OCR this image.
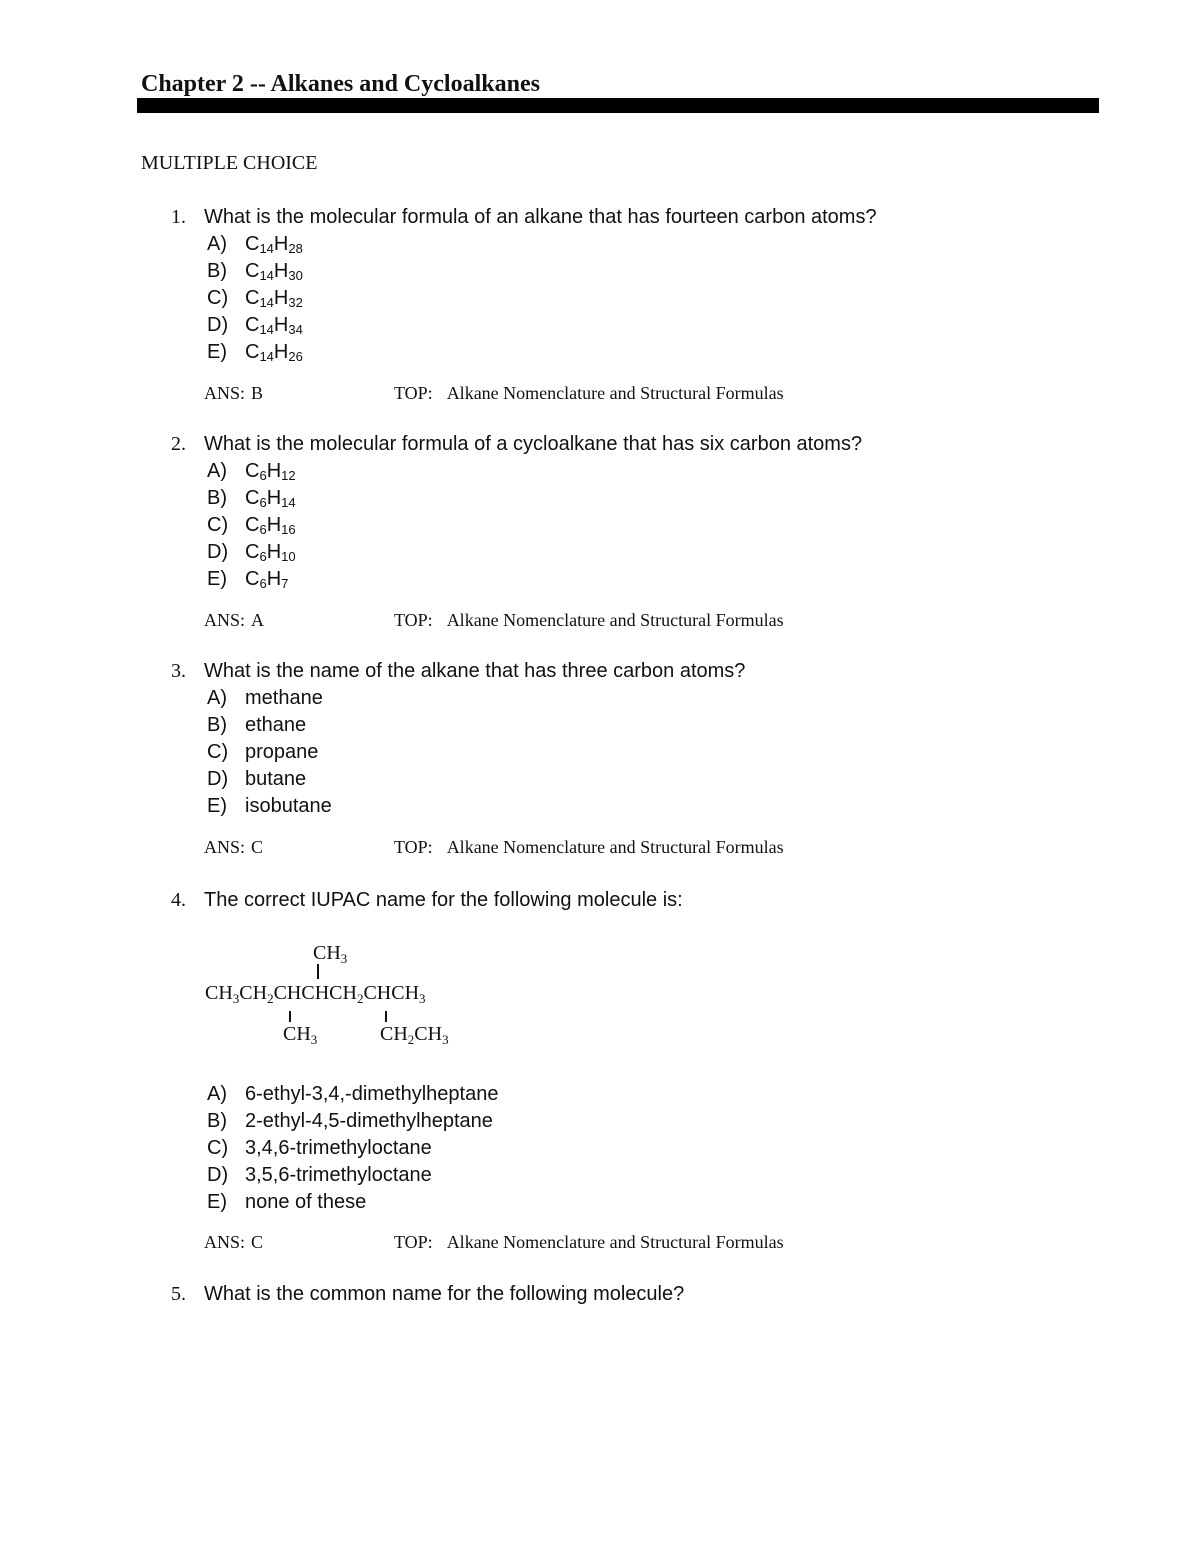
Chapter 2 -- Alkanes and Cycloalkanes
MULTIPLE CHOICE
1. What is the molecular formula of an alkane that has fourteen carbon atoms?
A) $C_{14}H_{28}$
B) $C_{14}H_{30}$
C) $C_{14}H_{32}$
D) $C_{14}H_{34}$
E) $C_{14}H_{26}$
ANS: B	TOP: Alkane Nomenclature and Structural Formulas
2. What is the molecular formula of a cycloalkane that has six carbon atoms?
A) $C_6H_{12}$
B) $C_6H_{14}$
C) $C_6H_{16}$
D) $C_6H_{10}$
E) $C_6H_7$
ANS: A	TOP: Alkane Nomenclature and Structural Formulas
3. What is the name of the alkane that has three carbon atoms?
A) methane
B) ethane
C) propane
D) butane
E) isobutane
ANS: C	TOP: Alkane Nomenclature and Structural Formulas
4. The correct IUPAC name for the following molecule is:
$CH_3$
$CH_3CH_2CHCHCH_2CHCH_3$
$CH_3$	$CH_2CH_3$
A) 6-ethyl-3,4,-dimethylheptane
B) 2-ethyl-4,5-dimethylheptane
C) 3,4,6-trimethyloctane
D) 3,5,6-trimethyloctane
E) none of these
ANS: C	TOP: Alkane Nomenclature and Structural Formulas
5. What is the common name for the following molecule?
